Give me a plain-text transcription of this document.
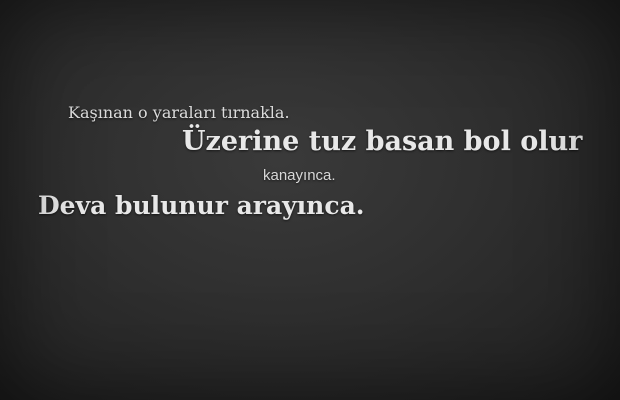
Kaşınan o yaraları tırnakla.
Üzerine tuz basan bol olur
kanayınca.
Deva bulunur arayınca.
